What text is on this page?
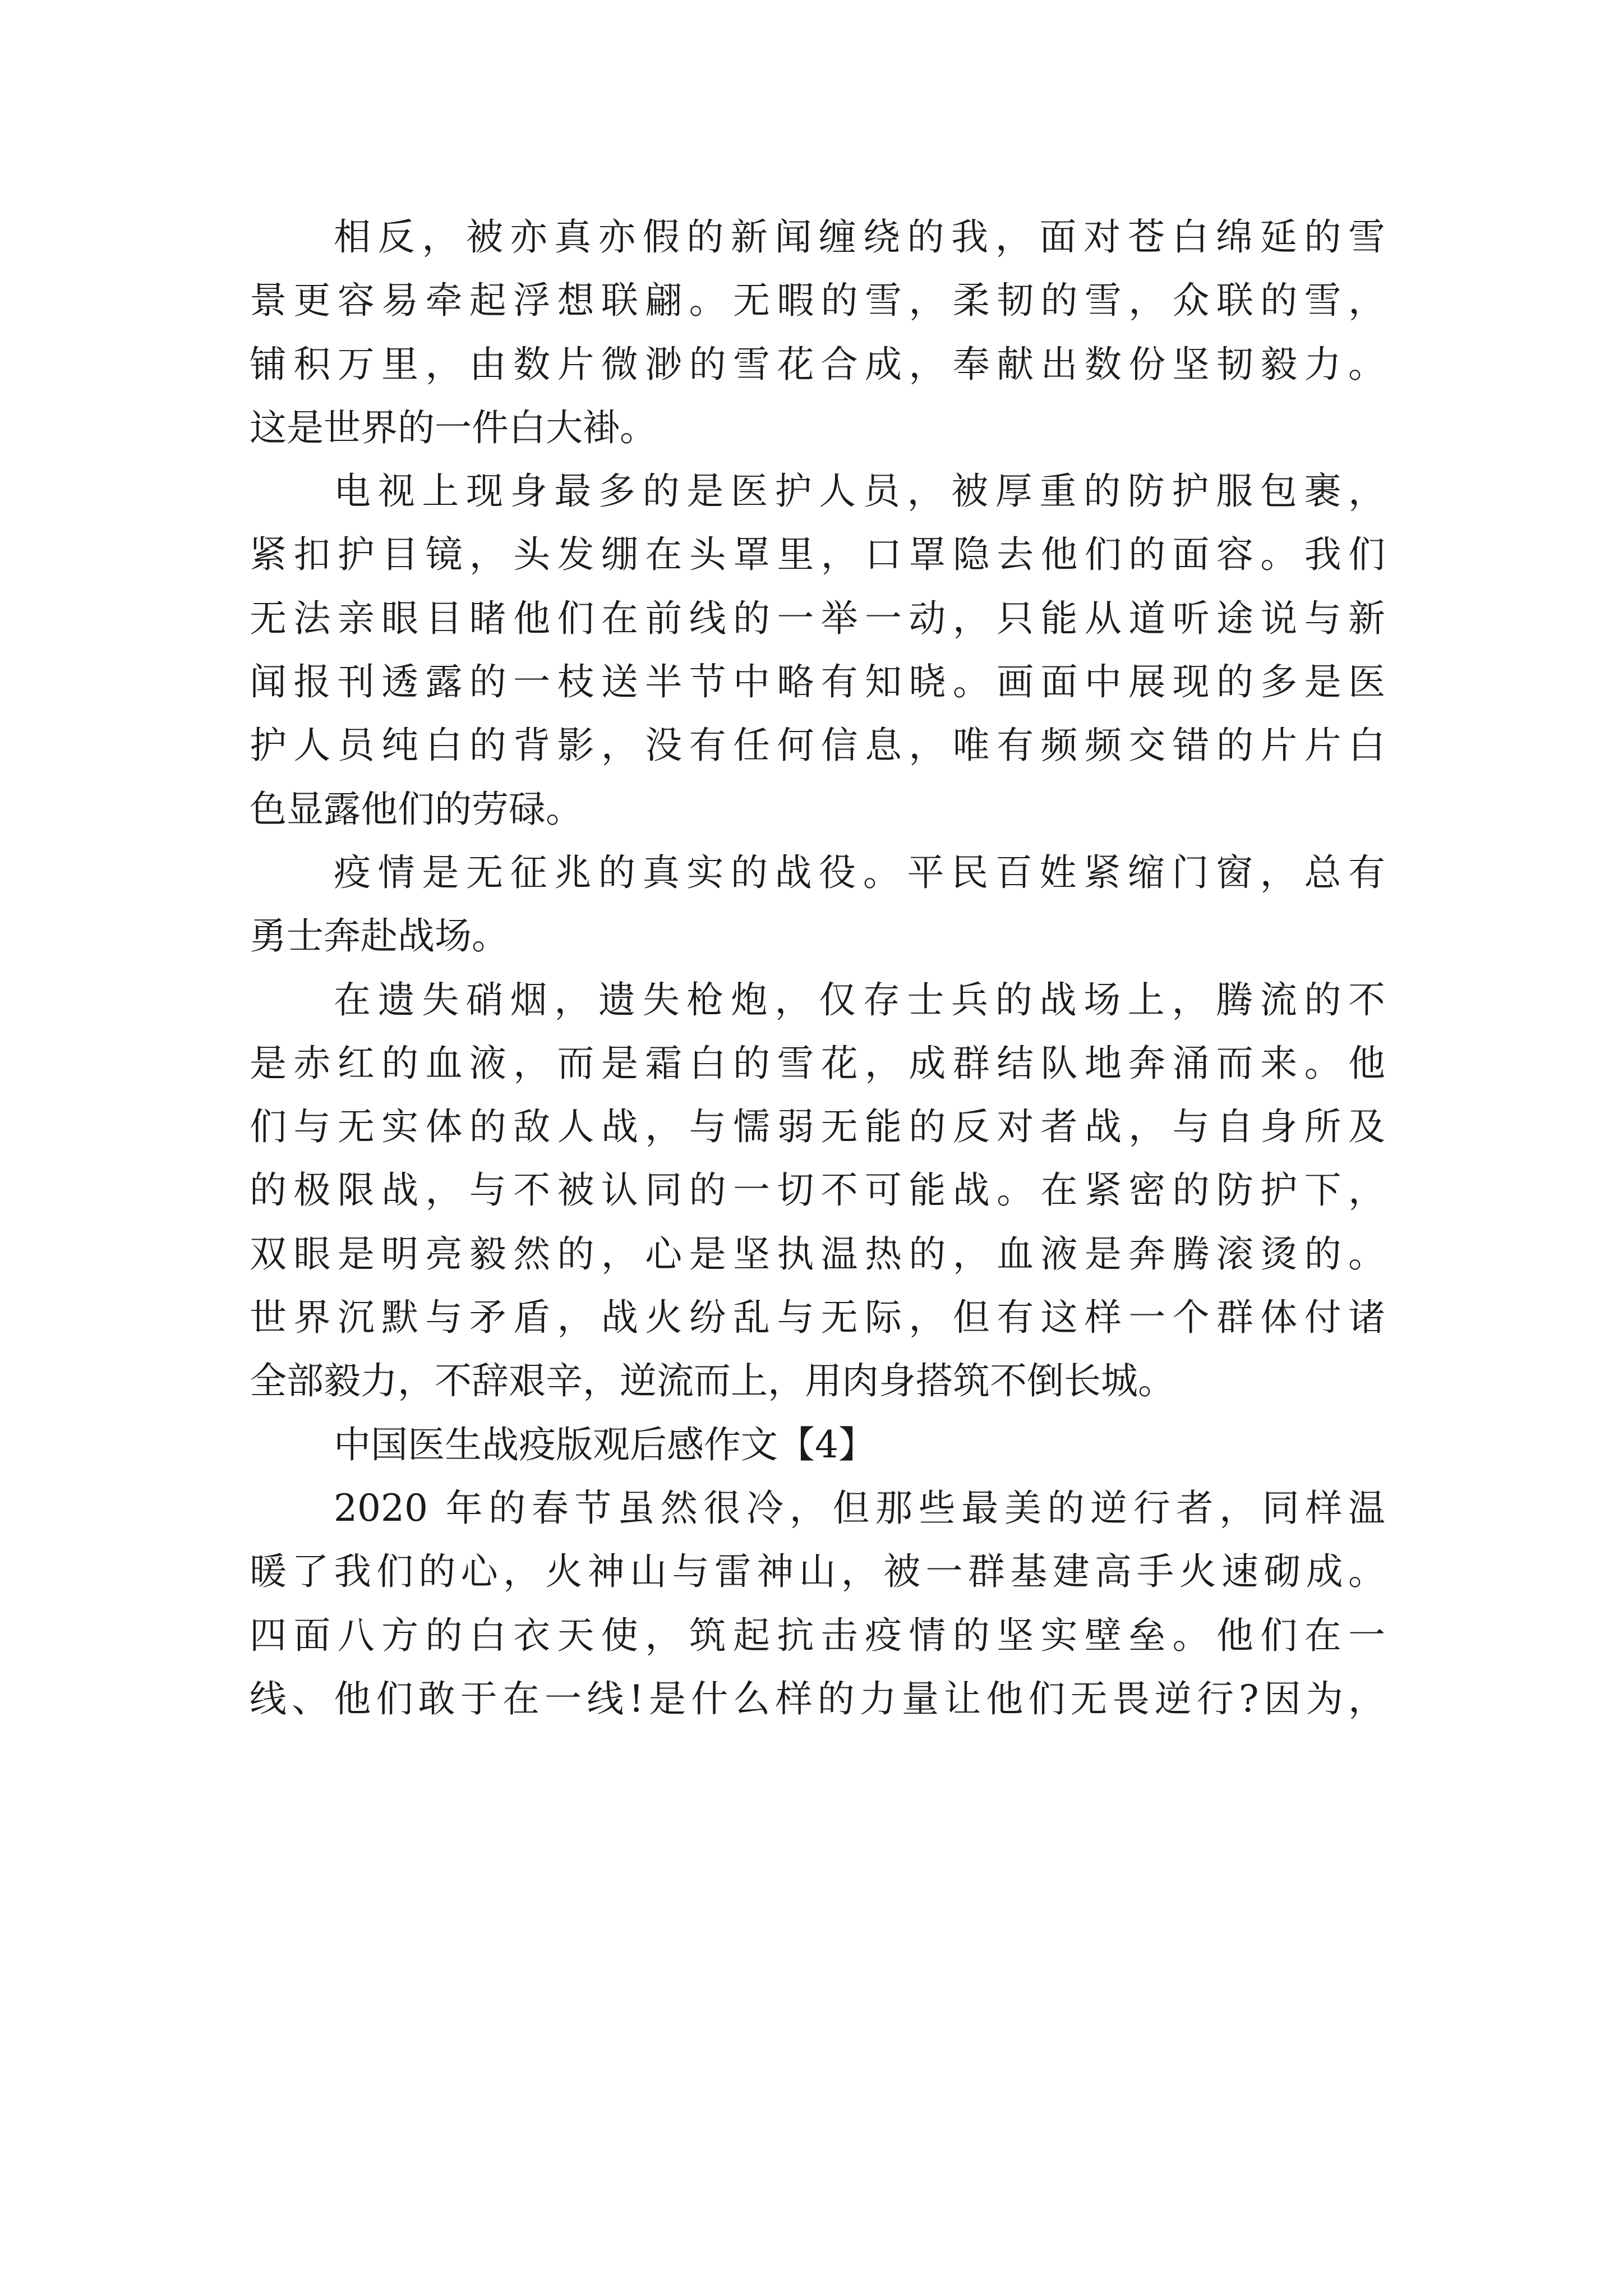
相反，被亦真亦假的新闻缠绕的我，面对苍白绵延的雪
景更容易牵起浮想联翩。无暇的雪，柔韧的雪，众联的雪，
铺积万里，由数片微渺的雪花合成，奉献出数份坚韧毅力。
这是世界的一件白大褂。
电视上现身最多的是医护人员，被厚重的防护服包裹，
紧扣护目镜，头发绷在头罩里，口罩隐去他们的面容。我们
无法亲眼目睹他们在前线的一举一动，只能从道听途说与新
闻报刊透露的一枝送半节中略有知晓。画面中展现的多是医
护人员纯白的背影，没有任何信息，唯有频频交错的片片白
色显露他们的劳碌。
疫情是无征兆的真实的战役。平民百姓紧缩门窗，总有
勇士奔赴战场。
在遗失硝烟，遗失枪炮，仅存士兵的战场上，腾流的不
是赤红的血液，而是霜白的雪花，成群结队地奔涌而来。他
们与无实体的敌人战，与懦弱无能的反对者战，与自身所及
的极限战，与不被认同的一切不可能战。在紧密的防护下，
双眼是明亮毅然的，心是坚执温热的，血液是奔腾滚烫的。
世界沉默与矛盾，战火纷乱与无际，但有这样一个群体付诸
全部毅力，不辞艰辛，逆流而上，用肉身搭筑不倒长城。
中国医生战疫版观后感作文【4】
2020 年的春节虽然很冷，但那些最美的逆行者，同样温
暖了我们的心，火神山与雷神山，被一群基建高手火速砌成。
四面八方的白衣天使，筑起抗击疫情的坚实壁垒。他们在一
线、他们敢于在一线!是什么样的力量让他们无畏逆行?因为，
